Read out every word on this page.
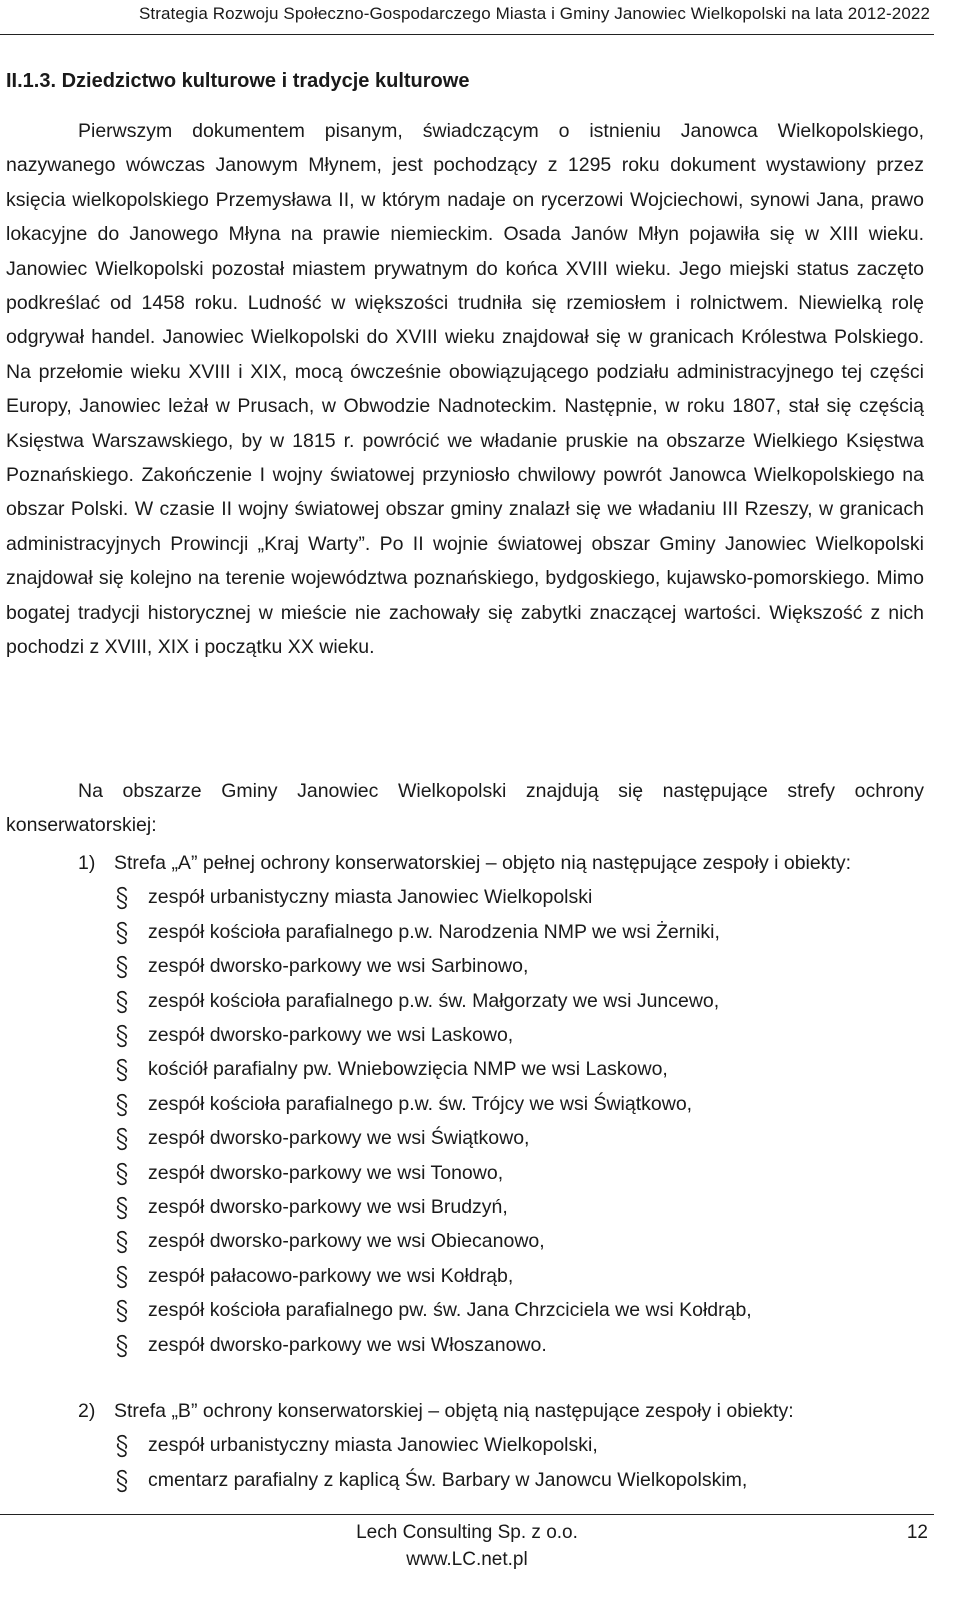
Strategia Rozwoju Społeczno-Gospodarczego Miasta i Gminy Janowiec Wielkopolski na lata 2012-2022
II.1.3. Dziedzictwo kulturowe i tradycje kulturowe

Pierwszym dokumentem pisanym, świadczącym o istnieniu Janowca Wielkopolskiego, nazywanego wówczas Janowym Młynem, jest pochodzący z 1295 roku dokument wystawiony przez księcia wielkopolskiego Przemysława II, w którym nadaje on rycerzowi Wojciechowi, synowi Jana, prawo lokacyjne do Janowego Młyna na prawie niemieckim. Osada Janów Młyn pojawiła się w XIII wieku. Janowiec Wielkopolski pozostał miastem prywatnym do końca XVIII wieku. Jego miejski status zaczęto podkreślać od 1458 roku. Ludność w większości trudniła się rzemiosłem i rolnictwem. Niewielką rolę odgrywał handel. Janowiec Wielkopolski do XVIII wieku znajdował się w granicach Królestwa Polskiego. Na przełomie wieku XVIII i XIX, mocą ówcześnie obowiązującego podziału administracyjnego tej części Europy, Janowiec leżał w Prusach, w Obwodzie Nadnoteckim. Następnie, w roku 1807, stał się częścią Księstwa Warszawskiego, by w 1815 r. powrócić we władanie pruskie na obszarze Wielkiego Księstwa Poznańskiego. Zakończenie I wojny światowej przyniosło chwilowy powrót Janowca Wielkopolskiego na obszar Polski. W czasie II wojny światowej obszar gminy znalazł się we władaniu III Rzeszy, w granicach administracyjnych Prowincji „Kraj Warty”. Po II wojnie światowej obszar Gminy Janowiec Wielkopolski znajdował się kolejno na terenie województwa poznańskiego, bydgoskiego, kujawsko-pomorskiego. Mimo bogatej tradycji historycznej w mieście nie zachowały się zabytki znaczącej wartości. Większość z nich pochodzi z XVIII, XIX i początku XX wieku.

Na obszarze Gminy Janowiec Wielkopolski znajdują się następujące strefy ochrony konserwatorskiej:

1) Strefa „A” pełnej ochrony konserwatorskiej – objęto nią następujące zespoły i obiekty:
zespół urbanistyczny miasta Janowiec Wielkopolski
zespół kościoła parafialnego p.w. Narodzenia NMP we wsi Żerniki,
zespół dworsko-parkowy we wsi Sarbinowo,
zespół kościoła parafialnego p.w. św. Małgorzaty we wsi Juncewo,
zespół dworsko-parkowy we wsi Laskowo,
kościół parafialny pw. Wniebowzięcia NMP we wsi Laskowo,
zespół kościoła parafialnego p.w. św. Trójcy we wsi Świątkowo,
zespół dworsko-parkowy we wsi Świątkowo,
zespół dworsko-parkowy we wsi Tonowo,
zespół dworsko-parkowy we wsi Brudzyń,
zespół dworsko-parkowy we wsi Obiecanowo,
zespół pałacowo-parkowy we wsi Kołdrąb,
zespół kościoła parafialnego pw. św. Jana Chrzciciela we wsi Kołdrąb,
zespół dworsko-parkowy we wsi Włoszanowo.
2) Strefa „B” ochrony konserwatorskiej – objętą nią następujące zespoły i obiekty:
zespół urbanistyczny miasta Janowiec Wielkopolski,
cmentarz parafialny z kaplicą Św. Barbary w Janowcu Wielkopolskim,
Lech Consulting Sp. z o.o.
www.LC.net.pl
12
